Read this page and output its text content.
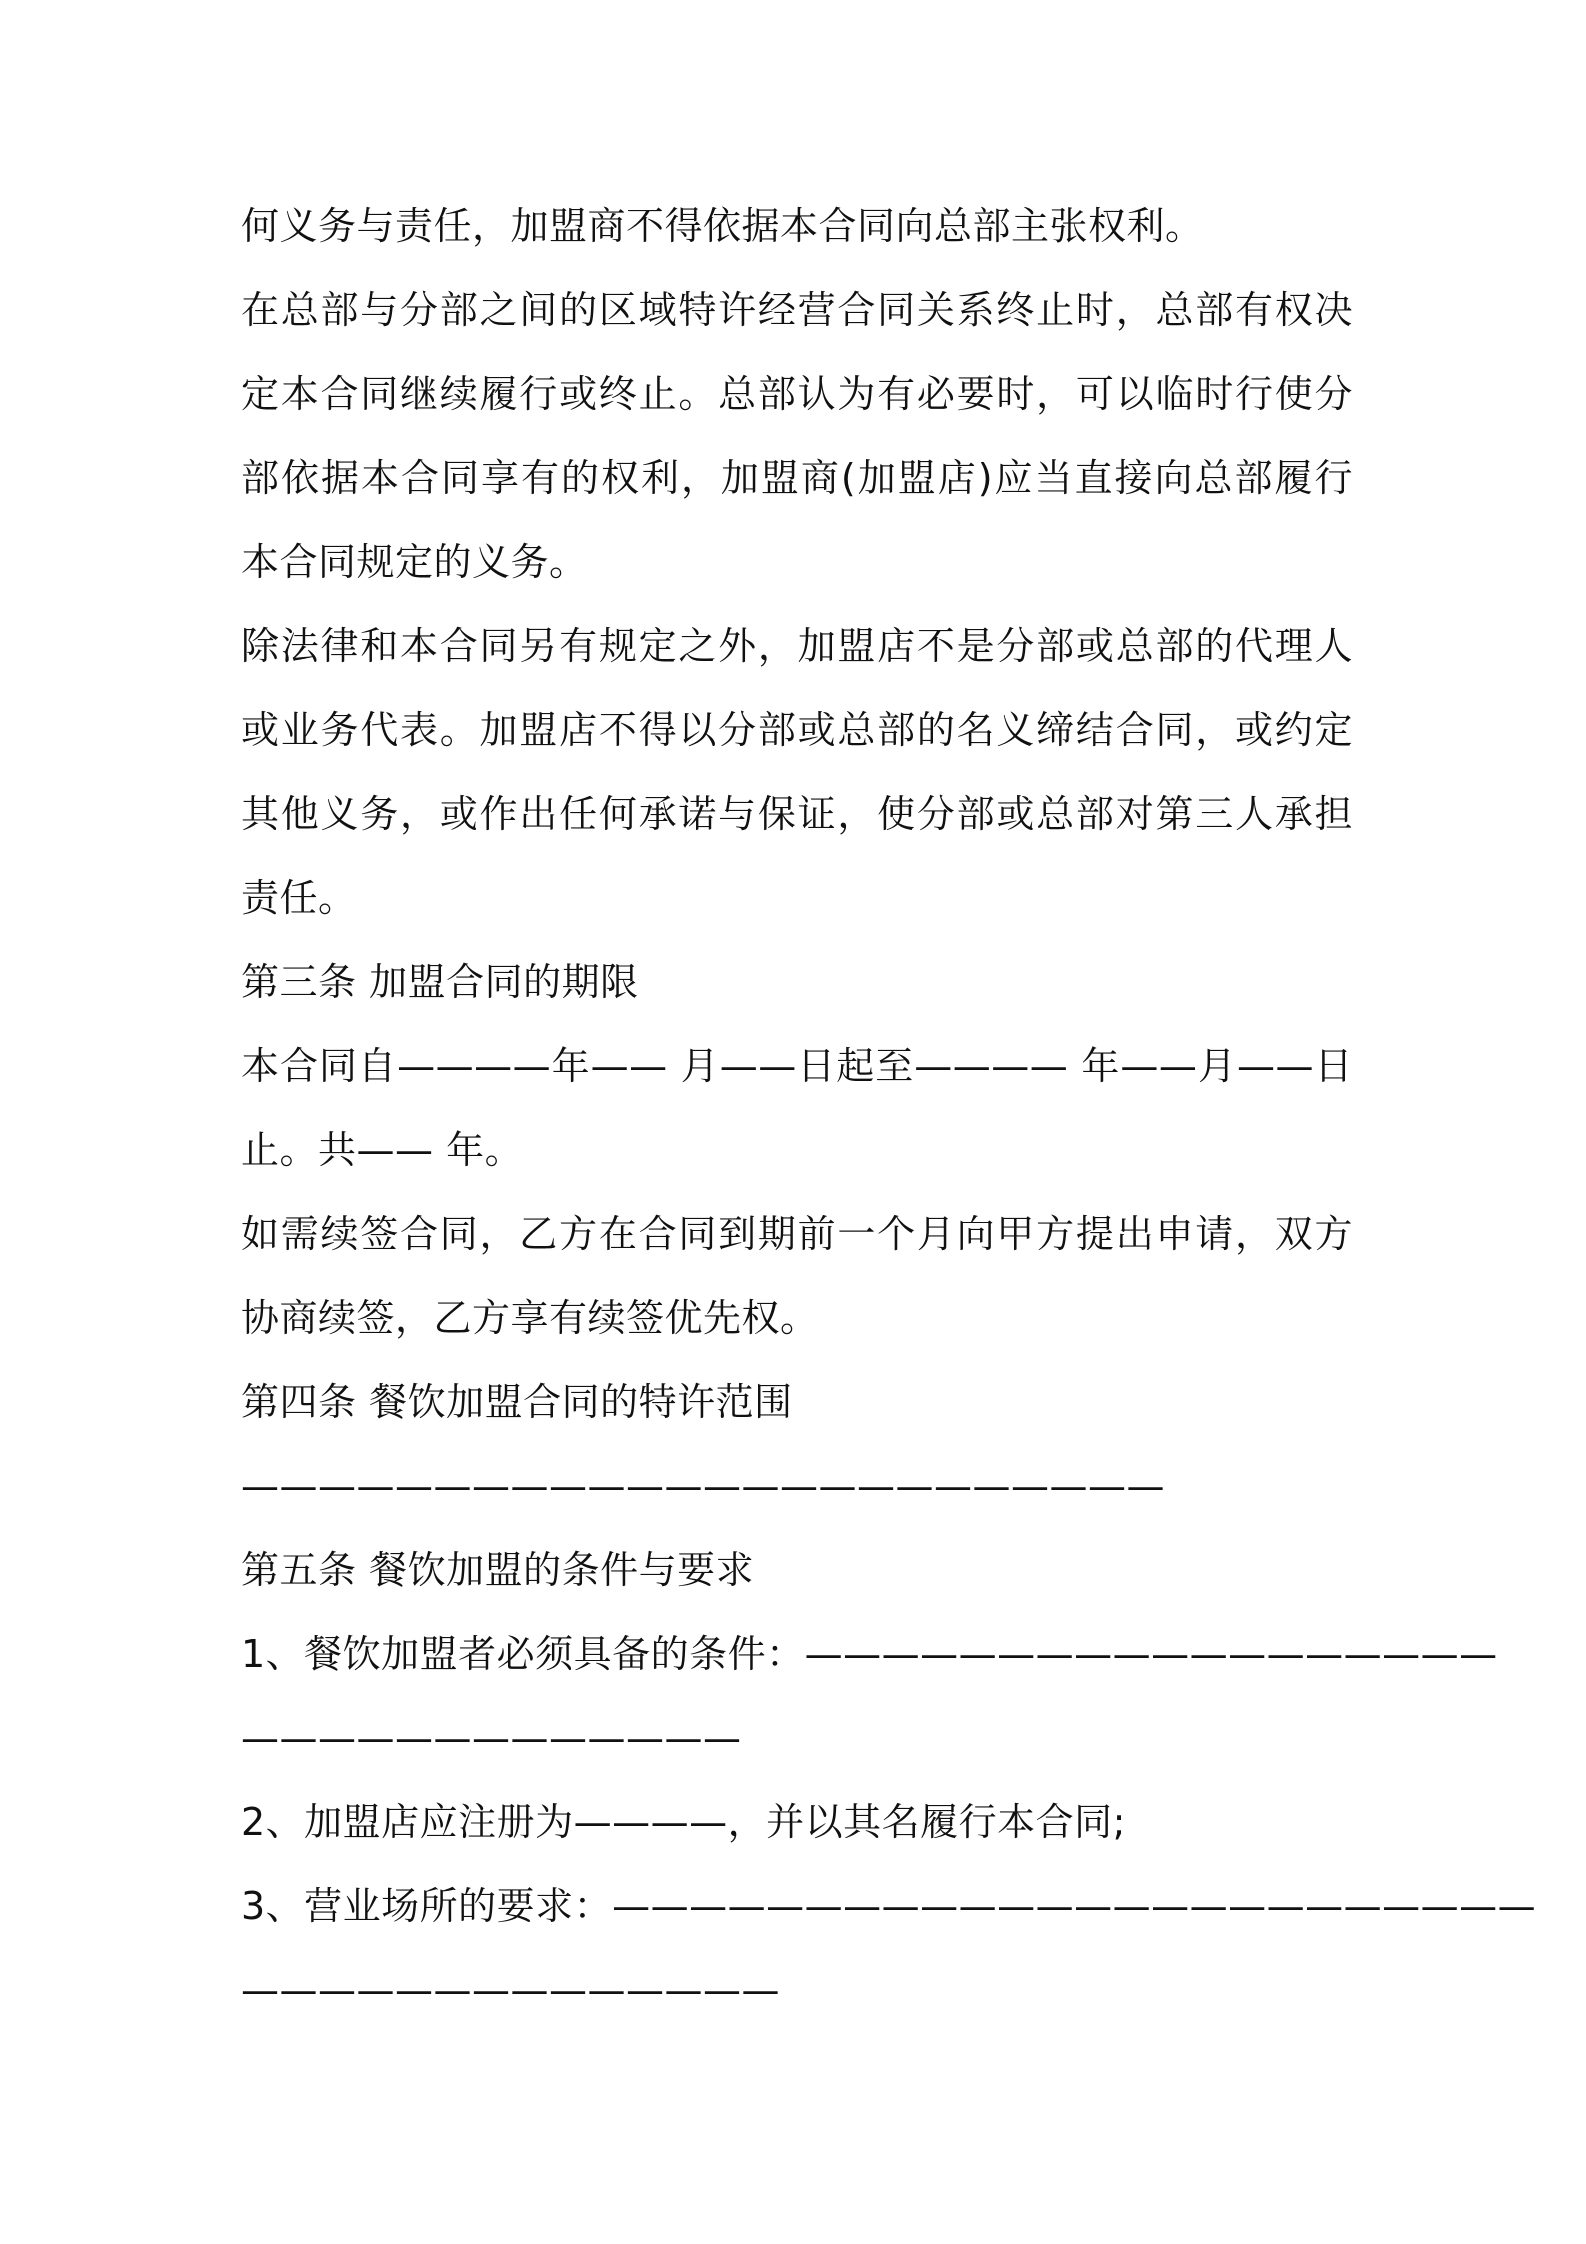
何义务与责任，加盟商不得依据本合同向总部主张权利。
在总部与分部之间的区域特许经营合同关系终止时，总部有权决
定本合同继续履行或终止。总部认为有必要时，可以临时行使分
部依据本合同享有的权利，加盟商(加盟店)应当直接向总部履行
本合同规定的义务。
除法律和本合同另有规定之外，加盟店不是分部或总部的代理人
或业务代表。加盟店不得以分部或总部的名义缔结合同，或约定
其他义务，或作出任何承诺与保证，使分部或总部对第三人承担
责任。
第三条 加盟合同的期限
本合同自————年—— 月——日起至———— 年——月——日
止。共—— 年。
如需续签合同，乙方在合同到期前一个月向甲方提出申请，双方
协商续签，乙方享有续签优先权。
第四条 餐饮加盟合同的特许范围
————————————————————————
第五条 餐饮加盟的条件与要求
1、餐饮加盟者必须具备的条件：——————————————————
—————————————
2、加盟店应注册为————，并以其名履行本合同;
3、营业场所的要求：————————————————————————
——————————————
